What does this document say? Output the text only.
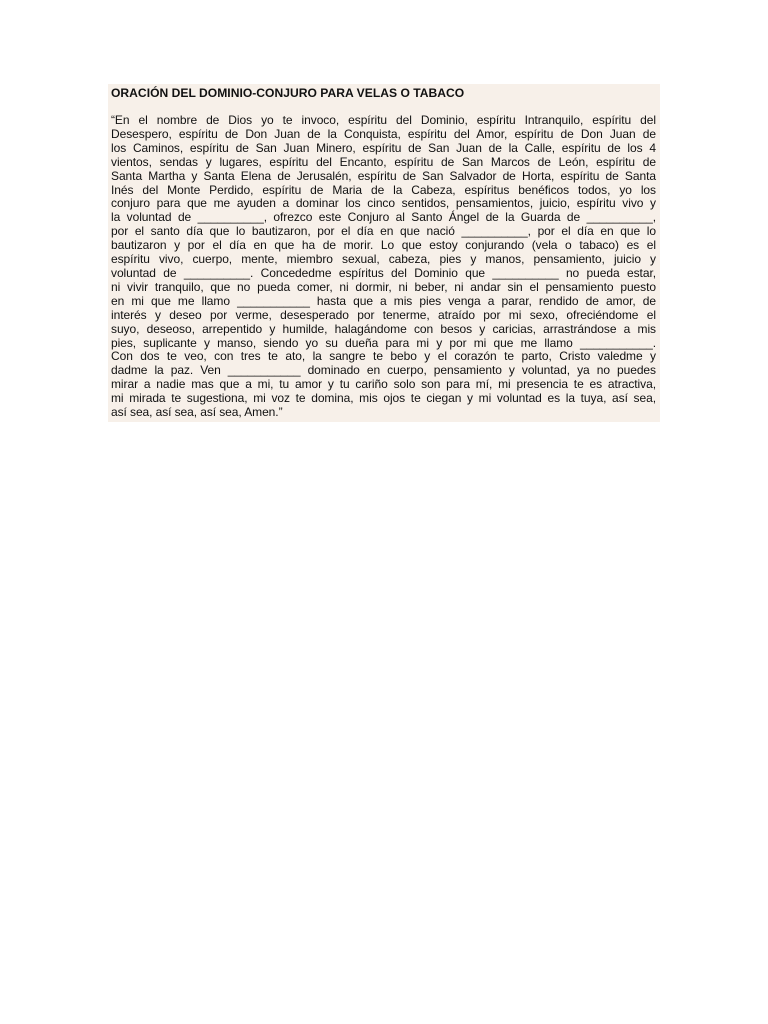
ORACIÓN DEL DOMINIO-CONJURO PARA VELAS O TABACO

“En el nombre de Dios yo te invoco, espíritu del Dominio, espíritu Intranquilo, espíritu del
Desespero, espíritu de Don Juan de la Conquista, espíritu del Amor, espíritu de Don Juan de
los Caminos, espíritu de San Juan Minero, espíritu de San Juan de la Calle, espíritu de los 4
vientos, sendas y lugares, espíritu del Encanto, espíritu de San Marcos de León, espíritu de
Santa Martha y Santa Elena de Jerusalén, espíritu de San Salvador de Horta, espíritu de Santa
Inés del Monte Perdido, espíritu de Maria de la Cabeza, espíritus benéficos todos, yo los
conjuro para que me ayuden a dominar los cinco sentidos, pensamientos, juicio, espíritu vivo y
la voluntad de __________, ofrezco este Conjuro al Santo Ángel de la Guarda de __________,
por el santo día que lo bautizaron, por el día en que nació __________, por el día en que lo
bautizaron y por el día en que ha de morir. Lo que estoy conjurando (vela o tabaco) es el
espíritu vivo, cuerpo, mente, miembro sexual, cabeza, pies y manos, pensamiento, juicio y
voluntad de __________. Concededme espíritus del Dominio que __________ no pueda estar,
ni vivir tranquilo, que no pueda comer, ni dormir, ni beber, ni andar sin el pensamiento puesto
en mi que me llamo ___________ hasta que a mis pies venga a parar, rendido de amor, de
interés y deseo por verme, desesperado por tenerme, atraído por mi sexo, ofreciéndome el
suyo, deseoso, arrepentido y humilde, halagándome con besos y caricias, arrastrándose a mis
pies, suplicante y manso, siendo yo su dueña para mi y por mi que me llamo ___________.
Con dos te veo, con tres te ato, la sangre te bebo y el corazón te parto, Cristo valedme y
dadme la paz. Ven ___________ dominado en cuerpo, pensamiento y voluntad, ya no puedes
mirar a nadie mas que a mi, tu amor y tu cariño solo son para mí, mi presencia te es atractiva,
mi mirada te sugestiona, mi voz te domina, mis ojos te ciegan y mi voluntad es la tuya, así sea,
así sea, así sea, así sea, Amen.”
